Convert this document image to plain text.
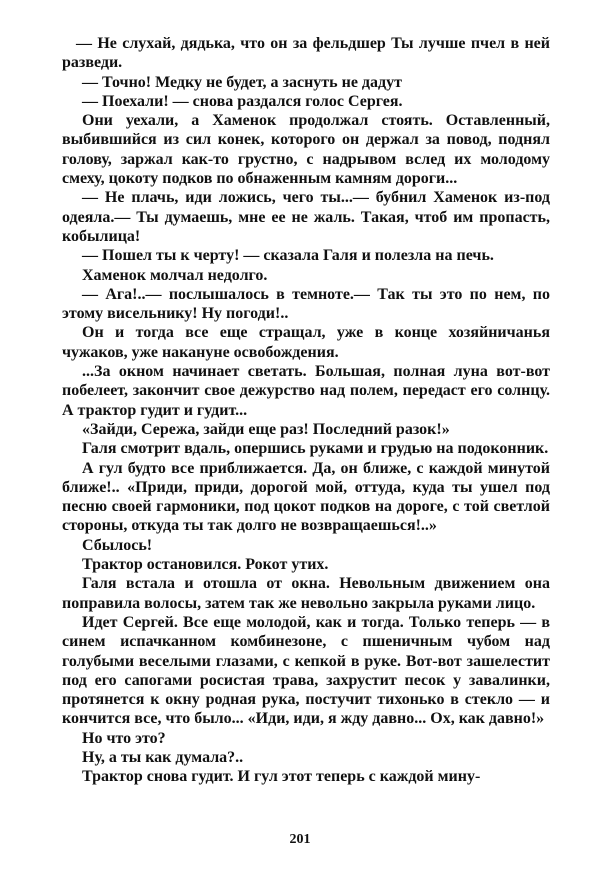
— Не слухай, дядька, что он за фельдшер Ты лучше пчел в ней разведи.

— Точно! Медку не будет, а заснуть не дадут

— Поехали! — снова раздался голос Сергея.

Они уехали, а Хаменок продолжал стоять. Оставленный, выбившийся из сил конек, которого он держал за повод, поднял голову, заржал как-то грустно, с надрывом вслед их молодому смеху, цокоту подков по обнаженным камням дороги...

— Не плачь, иди ложись, чего ты...— бубнил Хаменок из-под одеяла.— Ты думаешь, мне ее не жаль. Такая, чтоб им пропасть, кобылица!

— Пошел ты к черту! — сказала Галя и полезла на печь.

Хаменок молчал недолго.

— Ага!..— послышалось в темноте.— Так ты это по нем, по этому висельнику! Ну погоди!..

Он и тогда все еще стращал, уже в конце хозяйничанья чужаков, уже накануне освобождения.

...За окном начинает светать. Большая, полная луна вот-вот побелеет, закончит свое дежурство над полем, передаст его солнцу. А трактор гудит и гудит...

«Зайди, Сережа, зайди еще раз! Последний разок!»

Галя смотрит вдаль, опершись руками и грудью на подоконник.

А гул будто все приближается. Да, он ближе, с каждой минутой ближе!.. «Приди, приди, дорогой мой, оттуда, куда ты ушел под песню своей гармоники, под цокот подков на дороге, с той светлой стороны, откуда ты так долго не возвращаешься!..»

Сбылось!

Трактор остановился. Рокот утих.

Галя встала и отошла от окна. Невольным движением она поправила волосы, затем так же невольно закрыла руками лицо.

Идет Сергей. Все еще молодой, как и тогда. Только теперь — в синем испачканном комбинезоне, с пшеничным чубом над голубыми веселыми глазами, с кепкой в руке. Вот-вот зашелестит под его сапогами росистая трава, захрустит песок у завалинки, протянется к окну родная рука, постучит тихонько в стекло — и кончится все, что было... «Иди, иди, я жду давно... Ох, как давно!»

Но что это?

Ну, а ты как думала?..

Трактор снова гудит. И гул этот теперь с каждой мину-

201
